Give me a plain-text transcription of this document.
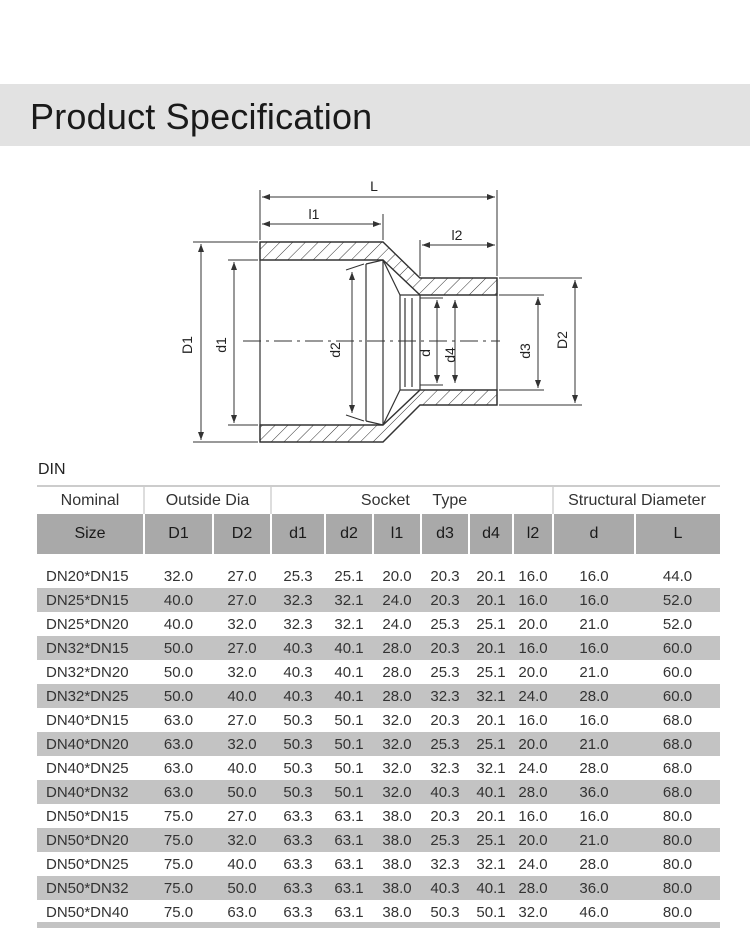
Product Specification
L
l1
l2
D1 d1	d2	d d4	d3
D2
DIN
Nominal	Outside Dia		Socket Type						Structural Diameter	
Size	D1	D2	d1	d2	l1	d3	d4	l2	d	L

DN20*DN15	32.0	27.0	25.3	25.1	20.0	20.3	20.1	16.0	16.0	44.0
DN25*DN15	40.0	27.0	32.3	32.1	24.0	20.3	20.1	16.0	16.0	52.0
DN25*DN20	40.0	32.0	32.3	32.1	24.0	25.3	25.1	20.0	21.0	52.0
DN32*DN15	50.0	27.0	40.3	40.1	28.0	20.3	20.1	16.0	16.0	60.0
DN32*DN20	50.0	32.0	40.3	40.1	28.0	25.3	25.1	20.0	21.0	60.0
DN32*DN25	50.0	40.0	40.3	40.1	28.0	32.3	32.1	24.0	28.0	60.0
DN40*DN15	63.0	27.0	50.3	50.1	32.0	20.3	20.1	16.0	16.0	68.0
DN40*DN20	63.0	32.0	50.3	50.1	32.0	25.3	25.1	20.0	21.0	68.0
DN40*DN25	63.0	40.0	50.3	50.1	32.0	32.3	32.1	24.0	28.0	68.0
DN40*DN32	63.0	50.0	50.3	50.1	32.0	40.3	40.1	28.0	36.0	68.0
DN50*DN15	75.0	27.0	63.3	63.1	38.0	20.3	20.1	16.0	16.0	80.0
DN50*DN20	75.0	32.0	63.3	63.1	38.0	25.3	25.1	20.0	21.0	80.0
DN50*DN25	75.0	40.0	63.3	63.1	38.0	32.3	32.1	24.0	28.0	80.0
DN50*DN32	75.0	50.0	63.3	63.1	38.0	40.3	40.1	28.0	36.0	80.0
DN50*DN40	75.0	63.0	63.3	63.1	38.0	50.3	50.1	32.0	46.0	80.0
